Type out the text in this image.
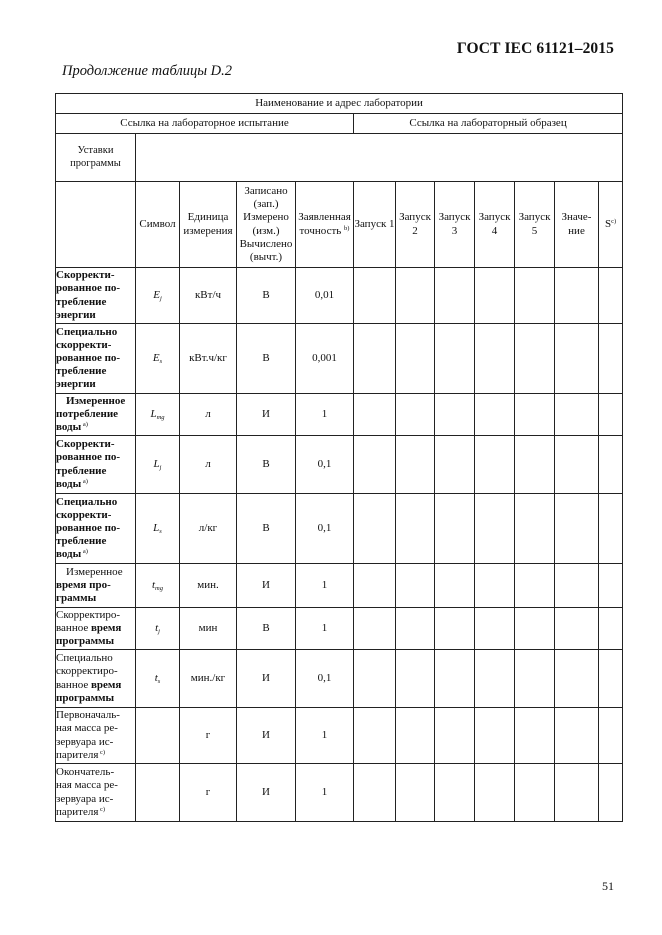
ГОСТ IEC 61121–2015
Продолжение таблицы D.2
Наименование и адрес лаборатории											
Ссылка на лабораторное испытание					Ссылка на лабораторный образец						
Уставки программы											
	Символ	Единица измерения	Записано (зап.) Измерено (изм.) Вычислено (вычт.)	Заявленная точность $^{b)}$	Запуск 1	Запуск 2	Запуск 3	Запуск 4	Запуск 5	Значе-ние	$S^{c)}$
Скорректи-
рованное по-
требление
энергии	$E_j$	кВт/ч	В	0,01							
Специально
скорректи-
рованное по-
требление
энергии	$E_s$	кВт.ч/кг	В	0,001							
Измеренное
потребление
воды $^{a)}$	$L_{mg}$	л	И	1							
Скорректи-
рованное по-
требление
воды $^{a)}$	$L_j$	л	В	0,1							
Специально
скорректи-
рованное по-
требление
воды $^{a)}$	$L_s$	л/кг	В	0,1							
Измеренное
время про-
граммы	$t_{mg}$	мин.	И	1							
Скорректиро-
ванное время
программы	$t_j$	мин	В	1							
Специально
скорректиро-
ванное время
программы	$t_s$	мин./кг	И	0,1							
Первоначаль-
ная масса ре-
зервуара ис-
парителя $^{c)}$		г	И	1							
Окончатель-
ная масса ре-
зервуара ис-
парителя $^{c)}$		г	И	1							
51
